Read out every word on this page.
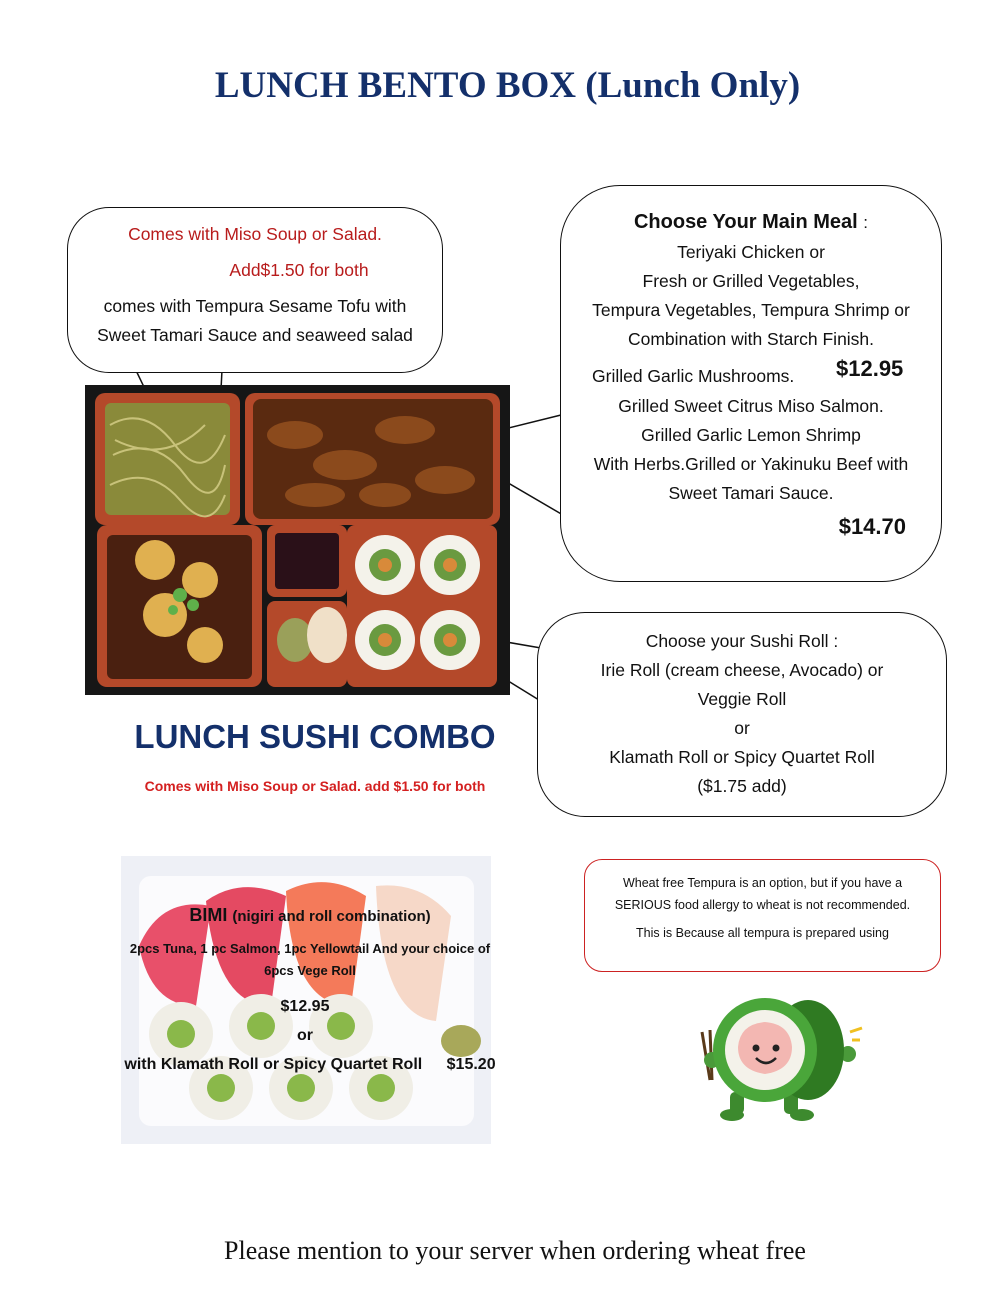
LUNCH BENTO BOX (Lunch Only)
Comes with Miso Soup or Salad.
Add$1.50 for both
comes with Tempura Sesame Tofu with
Sweet Tamari Sauce and seaweed salad
Choose Your Main Meal :
Teriyaki Chicken or
Fresh or Grilled Vegetables,
Tempura Vegetables, Tempura Shrimp or
Combination with Starch Finish.
Grilled Garlic Mushrooms. $12.95
Grilled Sweet Citrus Miso Salmon.
Grilled Garlic Lemon Shrimp
With Herbs.Grilled or Yakinuku Beef with
Sweet Tamari Sauce.
$14.70
Choose your Sushi Roll :
Irie Roll (cream cheese, Avocado) or
Veggie Roll
or
Klamath Roll or Spicy Quartet Roll
($1.75 add)
LUNCH SUSHI COMBO
Comes with Miso Soup or Salad. add $1.50 for both
BIMI (nigiri and roll combination)
2pcs Tuna, 1 pc Salmon, 1pc Yellowtail And your choice of
6pcs Vege Roll
$12.95
or
with Klamath Roll or Spicy Quartet Roll $15.20
Wheat free Tempura is an option, but if you have a
SERIOUS food allergy to wheat is not recommended.
This is Because all tempura is prepared using
Please mention to your server when ordering wheat free
